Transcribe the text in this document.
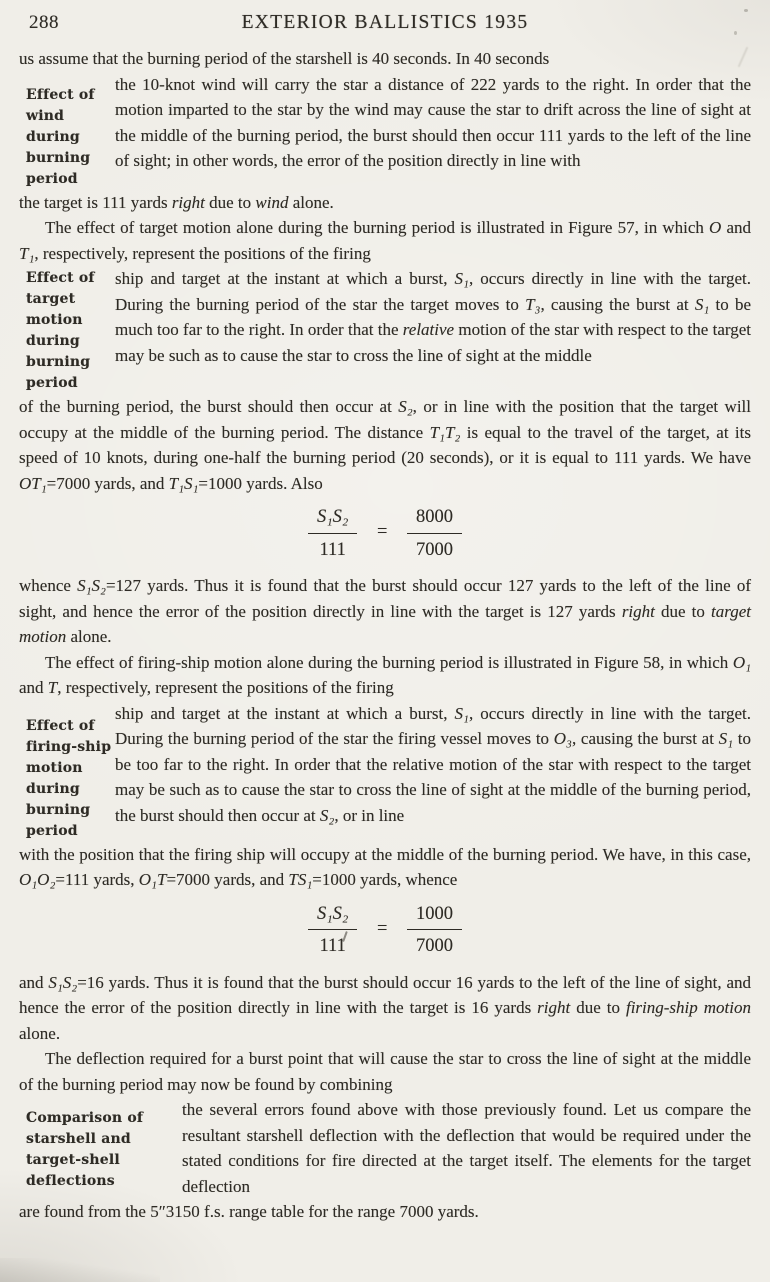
288	EXTERIOR BALLISTICS 1935

us assume that the burning period of the starshell is 40 seconds. In 40 seconds

Effect of
wind
during
burning
period

the 10-knot wind will carry the star a distance of 222 yards to the right. In order that the motion imparted to the star by the wind may cause the star to drift across the line of sight at the middle of the burning period, the burst should then occur 111 yards to the left of the line of sight; in other words, the error of the position directly in line with

the target is 111 yards right due to wind alone.

The effect of target motion alone during the burning period is illustrated in Figure 57, in which O and T₁, respectively, represent the positions of the firing

Effect of
target
motion
during
burning
period

ship and target at the instant at which a burst, S₁, occurs directly in line with the target. During the burning period of the star the target moves to T₃, causing the burst at S₁ to be much too far to the right. In order that the relative motion of the star with respect to the target may be such as to cause the star to cross the line of sight at the middle

of the burning period, the burst should then occur at S₂, or in line with the position that the target will occupy at the middle of the burning period. The distance T₁T₂ is equal to the travel of the target, at its speed of 10 knots, during one-half the burning period (20 seconds), or it is equal to 111 yards. We have OT₁=7000 yards, and T₁S₁=1000 yards. Also

$\frac{\text{S₁S₂}}{111} = \frac{8000}{7000}$

whence S₁S₂=127 yards. Thus it is found that the burst should occur 127 yards to the left of the line of sight, and hence the error of the position directly in line with the target is 127 yards right due to target motion alone.

The effect of firing-ship motion alone during the burning period is illustrated in Figure 58, in which O₁ and T, respectively, represent the positions of the firing

Effect of
firing-ship
motion
during
burning
period

ship and target at the instant at which a burst, S₁, occurs directly in line with the target. During the burning period of the star the firing vessel moves to O₃, causing the burst at S₁ to be too far to the right. In order that the relative motion of the star with respect to the target may be such as to cause the star to cross the line of sight at the middle of the burning period, the burst should then occur at S₂, or in line

with the position that the firing ship will occupy at the middle of the burning period. We have, in this case, O₁O₂=111 yards, O₁T=7000 yards, and TS₁=1000 yards, whence

$\frac{\text{S₁S₂}}{111} = \frac{1000}{7000}$

and S₁S₂=16 yards. Thus it is found that the burst should occur 16 yards to the left of the line of sight, and hence the error of the position directly in line with the target is 16 yards right due to firing-ship motion alone.

The deflection required for a burst point that will cause the star to cross the line of sight at the middle of the burning period may now be found by combining

Comparison of
starshell and
target-shell
deflections

the several errors found above with those previously found. Let us compare the resultant starshell deflection with the deflection that would be required under the stated conditions for fire directed at the target itself. The elements for the target deflection

are found from the 5″3150 f.s. range table for the range 7000 yards.
